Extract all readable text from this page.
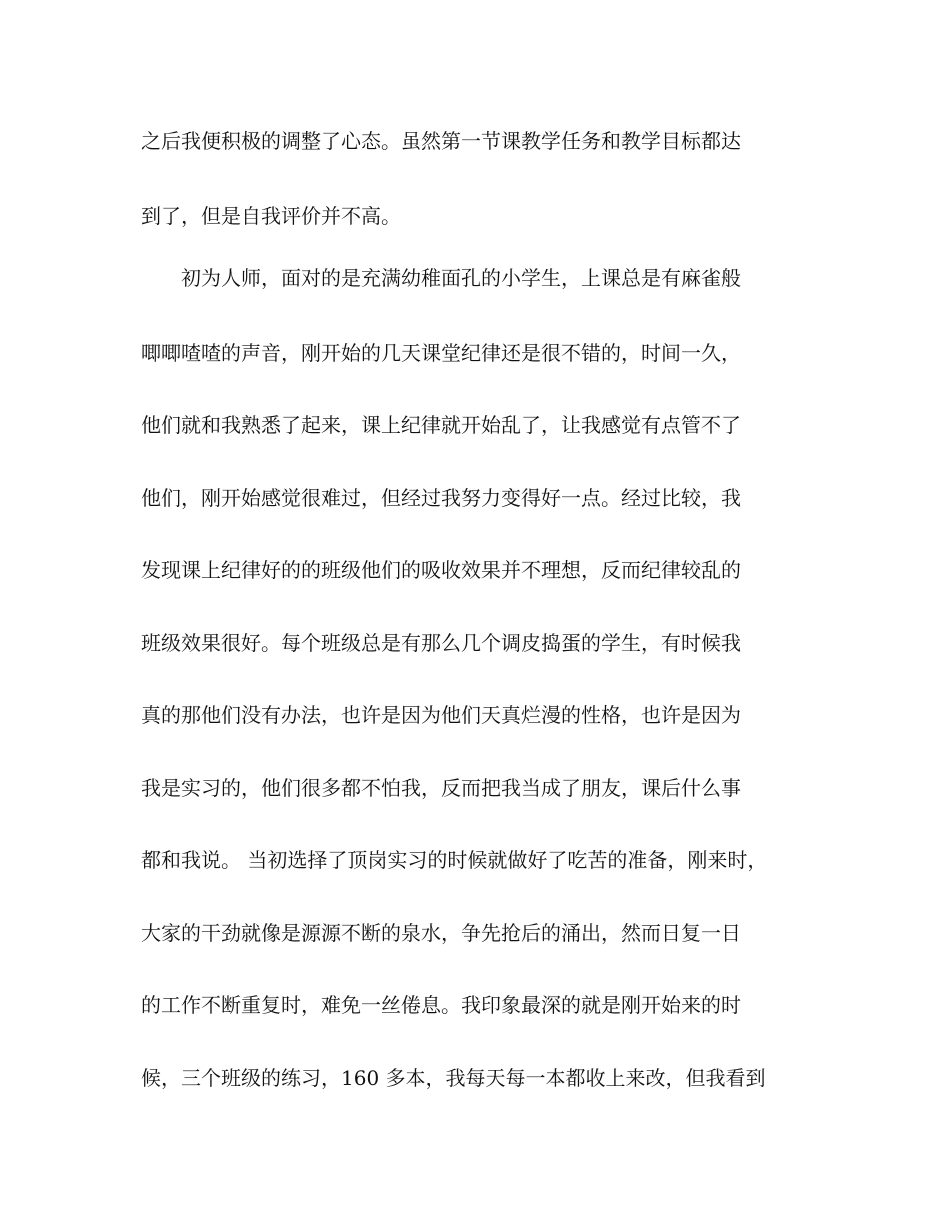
之后我便积极的调整了心态。虽然第一节课教学任务和教学目标都达

到了，但是自我评价并不高。

初为人师，面对的是充满幼稚面孔的小学生，上课总是有麻雀般

唧唧喳喳的声音，刚开始的几天课堂纪律还是很不错的，时间一久，

他们就和我熟悉了起来，课上纪律就开始乱了，让我感觉有点管不了

他们，刚开始感觉很难过，但经过我努力变得好一点。经过比较，我

发现课上纪律好的的班级他们的吸收效果并不理想，反而纪律较乱的

班级效果很好。每个班级总是有那么几个调皮捣蛋的学生，有时候我

真的那他们没有办法，也许是因为他们天真烂漫的性格，也许是因为

我是实习的，他们很多都不怕我，反而把我当成了朋友，课后什么事

都和我说。 当初选择了顶岗实习的时候就做好了吃苦的准备，刚来时，

大家的干劲就像是源源不断的泉水，争先抢后的涌出，然而日复一日

的工作不断重复时，难免一丝倦息。我印象最深的就是刚开始来的时

候，三个班级的练习，160 多本，我每天每一本都收上来改，但我看到
